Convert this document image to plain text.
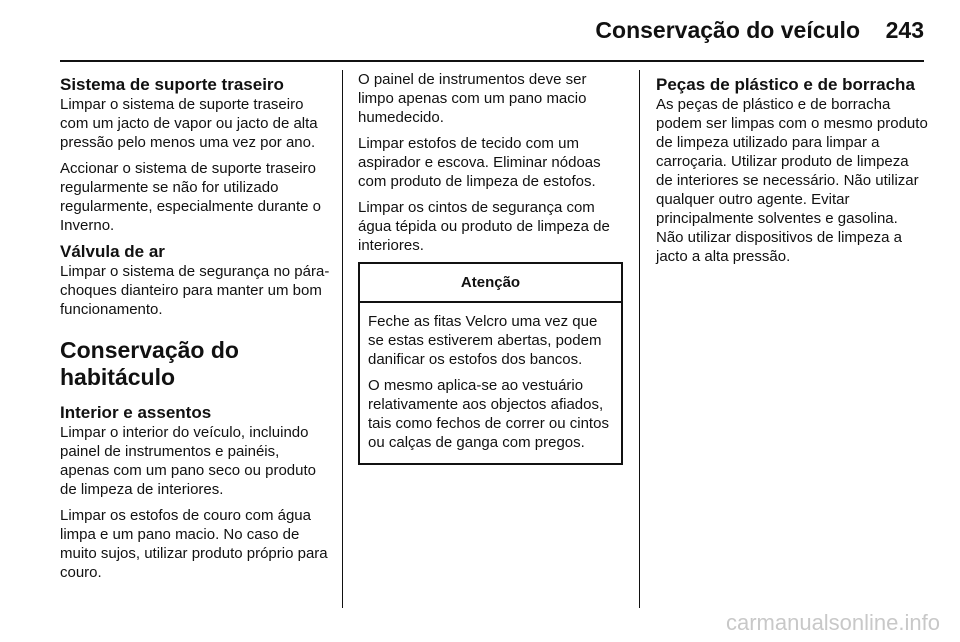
Conservação do veículo 243
Sistema de suporte traseiro

Limpar o sistema de suporte traseiro com um jacto de vapor ou jacto de alta pressão pelo menos uma vez por ano.

Accionar o sistema de suporte traseiro regularmente se não for utilizado regularmente, especialmente durante o Inverno.

Válvula de ar

Limpar o sistema de segurança no pára-choques dianteiro para manter um bom funcionamento.

Conservação do habitáculo
Interior e assentos

Limpar o interior do veículo, incluindo painel de instrumentos e painéis, apenas com um pano seco ou produto de limpeza de interiores.

Limpar os estofos de couro com água limpa e um pano macio. No caso de muito sujos, utilizar produto próprio para couro.

O painel de instrumentos deve ser limpo apenas com um pano macio humedecido.

Limpar estofos de tecido com um aspirador e escova. Eliminar nódoas com produto de limpeza de estofos.

Limpar os cintos de segurança com água tépida ou produto de limpeza de interiores.

Atenção

Feche as fitas Velcro uma vez que se estas estiverem abertas, podem danificar os estofos dos bancos.

O mesmo aplica-se ao vestuário relativamente aos objectos afiados, tais como fechos de correr ou cintos ou calças de ganga com pregos.

Peças de plástico e de borracha

As peças de plástico e de borracha podem ser limpas com o mesmo produto de limpeza utilizado para limpar a carroçaria. Utilizar produto de limpeza de interiores se necessário. Não utilizar qualquer outro agente. Evitar principalmente solventes e gasolina. Não utilizar dispositivos de limpeza a jacto a alta pressão.

carmanualsonline.info
